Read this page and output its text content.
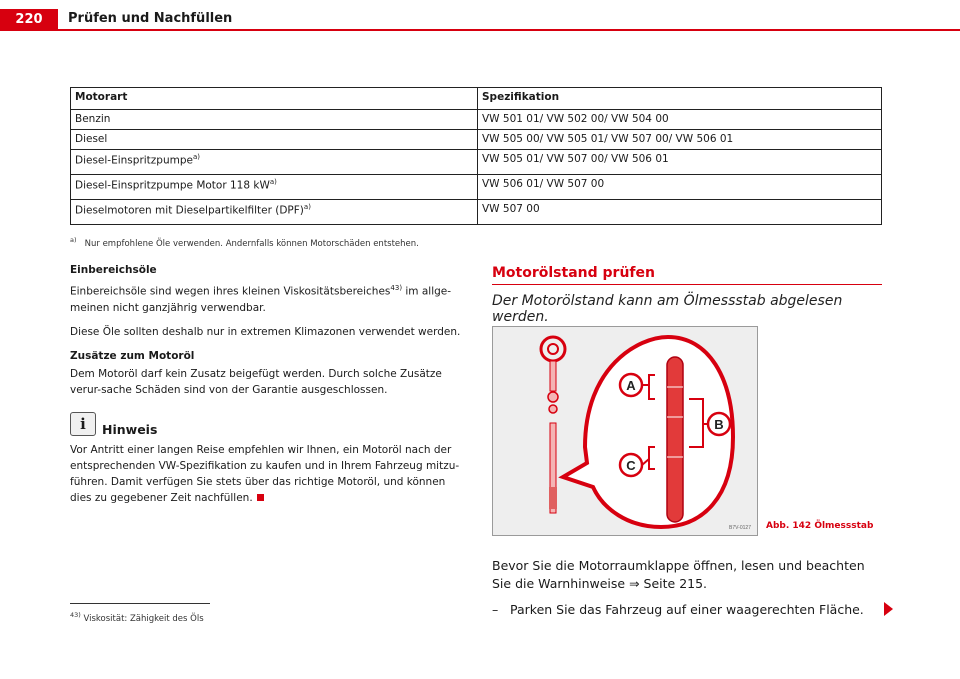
220	Prüfen und Nachfüllen
Motorart	Spezifikation
Benzin	VW 501 01/ VW 502 00/ VW 504 00
Diesel	VW 505 00/ VW 505 01/ VW 507 00/ VW 506 01
Diesel-Einspritzpumpe$^{a)}$	VW 505 01/ VW 507 00/ VW 506 01
Diesel-Einspritzpumpe Motor 118 $kW^{a)}$	VW 506 01/ VW 507 00
Dieselmotoren mit Dieselpartikelfilter (DPF)$^{a)}$	VW 507 00
$^{a)}$ Nur empfohlene Öle verwenden. Andernfalls können Motorschäden entstehen.
Einbereichsöle

Einbereichsöle sind wegen ihres kleinen Viskositätsbereiches$^{43)}$ im allge-meinen nicht ganzjährig verwendbar.

Diese Öle sollten deshalb nur in extremen Klimazonen verwendet werden.

Zusätze zum Motoröl

Dem Motoröl darf kein Zusatz beigefügt werden. Durch solche Zusätze verur-sache Schäden sind von der Garantie ausgeschlossen.

i	Hinweis
Vor Antritt einer langen Reise empfehlen wir Ihnen, ein Motoröl nach der entsprechenden VW-Spezifikation zu kaufen und in Ihrem Fahrzeug mitzu-führen. Damit verfügen Sie stets über das richtige Motoröl, und können dies zu gegebener Zeit nachfüllen.
$^{43)}$ Viskosität: Zähigkeit des Öls
Motorölstand prüfen
Der Motorölstand kann am Ölmessstab abgelesen werden.
A
B
C
B7V-0127 Abb. 142 Ölmessstab
Bevor Sie die Motorraumklappe öffnen, lesen und beachten Sie die Warnhinweise ⇒ Seite 215.
– Parken Sie das Fahrzeug auf einer waagerechten Fläche.
